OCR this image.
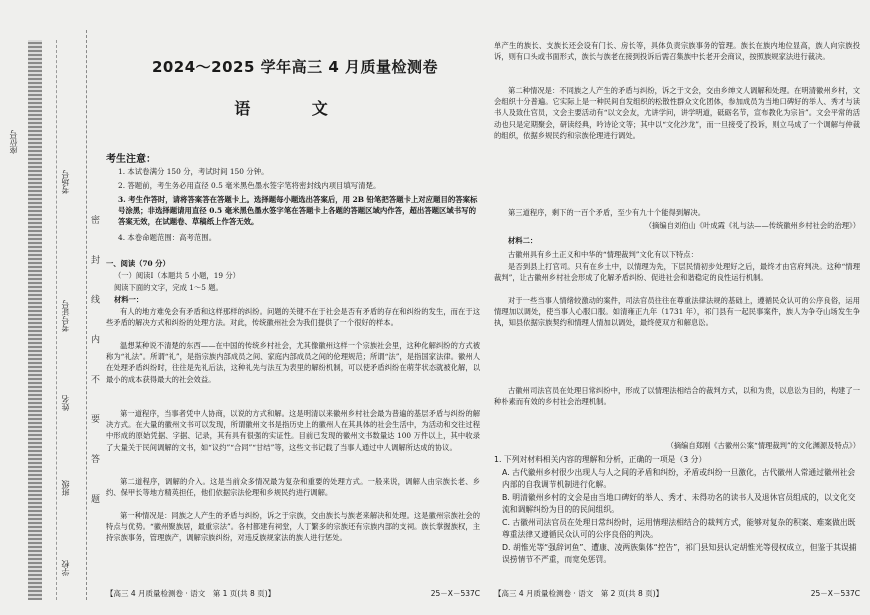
座位号
考场号
考号证号
姓名
班级
学校
密 封 线 内 不 要 答 题
2024～2025 学年高三 4 月质量检测卷
语 文
考生注意：
1. 本试卷满分 150 分，考试时间 150 分钟。
2. 答题前，考生务必用直径 0.5 毫米黑色墨水签字笔将密封线内项目填写清楚。
3. 考生作答时，请将答案答在答题卡上。选择题每小题选出答案后，用 2B 铅笔把答题卡上对应题目的答案标号涂黑；非选择题请用直径 0.5 毫米黑色墨水签字笔在答题卡上各题的答题区域内作答，超出答题区域书写的答案无效，在试题卷、草稿纸上作答无效。
4. 本卷命题范围：高考范围。
一、阅读（70 分）
（一）阅读Ⅰ（本题共 5 小题，19 分）
阅读下面的文字，完成 1～5 题。
材料一：
有人的地方难免会有矛盾和这样那样的纠纷。问题的关键不在于社会是否有矛盾的存在和纠纷的发生，而在于这些矛盾的解决方式和纠纷的处理方法。对此，传统徽州社会为我们提供了一个很好的样本。
温想某种说不清楚的东西——在中国的传统乡村社会，尤其像徽州这样一个宗族社会里，这种化解纠纷的方式被称为“礼法”。所谓“礼”，是指宗族内部成员之间、家庭内部成员之间的伦理规范；所谓“法”，是指国家法律。徽州人在处理矛盾纠纷时，往往是先礼后法，这种礼先与法互为表里的解纷机制，可以使矛盾纠纷在萌芽状态就被化解，以最小的成本获得最大的社会效益。
第一道程序，当事者凭中人协商，以说的方式和解。这是明清以来徽州乡村社会最为普遍的基层矛盾与纠纷的解决方式。在大量的徽州文书可以发现，所谓徽州文书是指历史上的徽州人在其具体的社会生活中，为活动和交往过程中形成的原始凭据、字据、记录，其有具有很强的实证性。目前已发现的徽州文书数量达 100 万件以上，其中收录了大量关于民间调解的文书，如“议约”“合同”“甘结”等，这些文书记载了当事人通过中人调解所达成的协议。
第二道程序，调解的介入。这是当前众多情况最为复杂和重要的处理方式。一般来说，调解人由宗族长老、乡约、保甲长等地方精英担任，他们依据宗法伦理和乡规民约进行调解。
第一种情况是：同族之人产生的矛盾与纠纷，诉之于宗族，交由族长与族老来解决和处理。这是徽州宗族社会的特点与优势。“徽州聚族居，最重宗法”。各村都建有祠堂，人丁繁多的宗族还有宗族内部的支祠。族长掌握族权，主持宗族事务，管理族产，调解宗族纠纷，对违反族规家法的族人进行惩处。
【高三 4 月质量检测卷 · 语文　第 1 页(共 8 页)】	25－X－537C
单产生的族长、支族长还会设有门长、房长等，具体负责宗族事务的管理。族长在族内地位显高，族人向宗族投诉，则有口头或书面形式，族长与族老在接到投诉后需召集族中长老开会商议，按照族规家法进行裁决。
第二种情况是：不同族之人产生的矛盾与纠纷，诉之于文会，交由乡绅文人调解和处理。在明清徽州乡村，文会组织十分普遍。它实际上是一种民间自发组织的松散性群众文化团体，参加成员为当地口碑好的举人、秀才与读书人及致仕官员，文会主要活动有“以文会友，尤讲学问，讲学明道，砥砺名节，宣布教化为宗旨”。文会平常的活动也只是定期聚会，研读经典，吟诗论文等；其中以“文化沙龙”，而一旦接受了投诉，则立马成了一个调解与仲裁的组织，依据乡规民约和宗族伦理进行调处。
第三道程序，剩下的一百个矛盾，至少有九十个能得到解决。
（摘编自刘伯山《叶成霞《礼与法——传统徽州乡村社会的治理》）
材料二：
古徽州具有乡土正义和中华的“情理裁判”文化有以下特点：
是否到县上打官司。只有在乡土中，以情理为先，下层民情初步处理好之后，最终才由官府判决。这种“情理裁判”，让古徽州乡村社会形成了化解矛盾纠纷、促进社会和谐稳定的良性运行机制。
对于一些当事人情绪较激动的案件，司法官员往往在尊重法律法规的基础上，遵循民众认可的公序良俗，运用情理加以调处，使当事人心服口服。如清雍正九年（1731 年），祁门县有一起民事案件，族人为争夺山场发生争执，知县依据宗族契约和情理人情加以调处，最终使双方和解息讼。
古徽州司法官员在处理日常纠纷中，形成了以情理法相结合的裁判方式，以和为贵，以息讼为目的，构建了一种朴素而有效的乡村社会治理机制。
（摘编自郑刚《古徽州公案“情理裁判”的文化渊源及特点》）
1. 下列对材料相关内容的理解和分析，正确的一项是（3 分）
A. 古代徽州乡村很少出现人与人之间的矛盾和纠纷，矛盾或纠纷一旦激化，古代徽州人常通过徽州社会内部的自我调节机制进行化解。
B. 明清徽州乡村的文会是由当地口碑好的举人、秀才、未得功名的读书人及退休官员组成的，以文化交流和调解纠纷为目的的民间组织。
C. 古徽州司法官员在处理日常纠纷时，运用情理法相结合的裁判方式，能够对复杂的积案、难案做出既尊重法律又遵循民众认可的公序良俗的判决。
D. 胡惟光等“强辞诃鱼”、遭康、凌两族集体“控告”，祁门县知县认定胡惟光等侵权成立，但鉴于其误捕误捞情节不严重，而宽免惩罚。
【高三 4 月质量检测卷 · 语文　第 2 页(共 8 页)】	25－X－537C
